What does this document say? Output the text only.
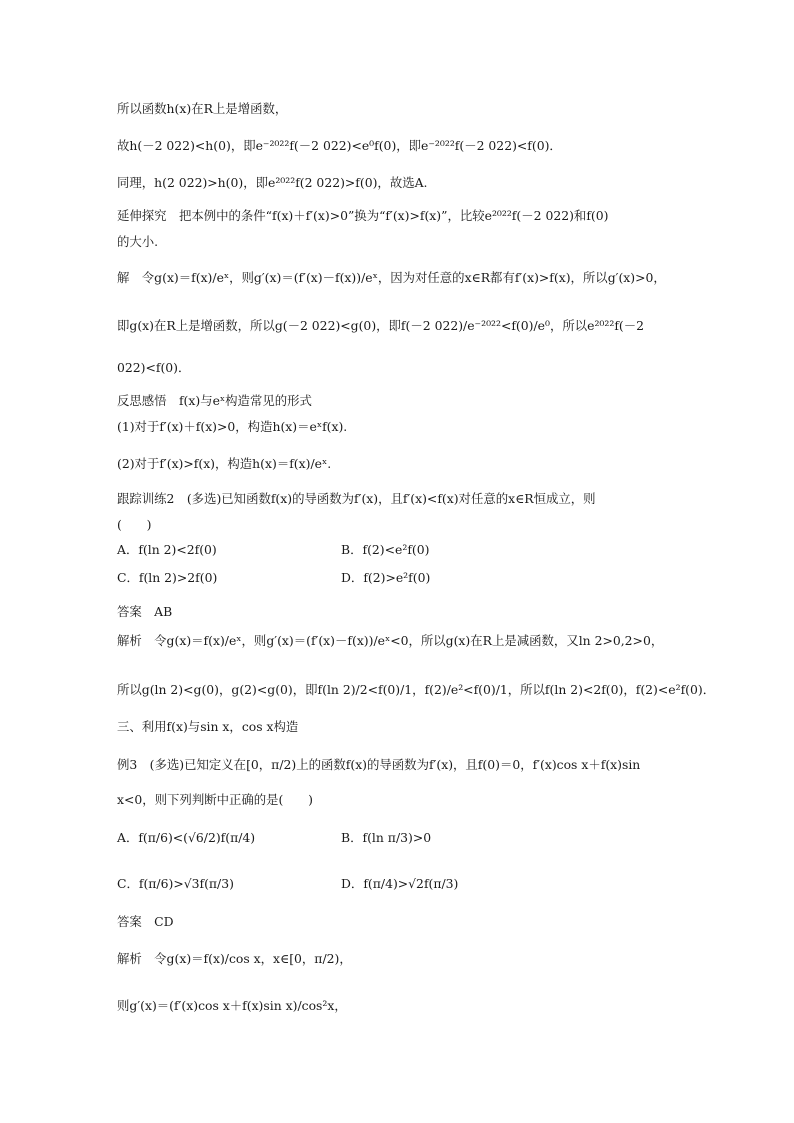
所以函数h(x)在R上是增函数，
故h(－2 022)<h(0)，即e⁻²⁰²²f(－2 022)<e⁰f(0)，即e⁻²⁰²²f(－2 022)<f(0)．
同理，h(2 022)>h(0)，即e²⁰²²f(2 022)>f(0)，故选A.
延伸探究　把本例中的条件“f(x)＋f′(x)>0”换为“f′(x)>f(x)”，比较e²⁰²²f(－2 022)和f(0)
的大小.
解　令g(x)＝f(x)/eˣ，则g′(x)＝(f′(x)－f(x))/eˣ，因为对任意的x∈R都有f′(x)>f(x)，所以g′(x)>0，
即g(x)在R上是增函数，所以g(－2 022)<g(0)，即f(－2 022)/e⁻²⁰²²<f(0)/e⁰，所以e²⁰²²f(－2
022)<f(0)．
反思感悟　f(x)与eˣ构造常见的形式
(1)对于f′(x)＋f(x)>0，构造h(x)＝eˣf(x).
(2)对于f′(x)>f(x)，构造h(x)＝f(x)/eˣ.
跟踪训练2　(多选)已知函数f(x)的导函数为f′(x)，且f′(x)<f(x)对任意的x∈R恒成立，则
(　　)
答案　AB
解析　令g(x)＝f(x)/eˣ，则g′(x)＝(f′(x)－f(x))/eˣ<0，所以g(x)在R上是减函数，又ln 2>0,2>0，
所以g(ln 2)<g(0)，g(2)<g(0)，即f(ln 2)/2<f(0)/1，f(2)/e²<f(0)/1，所以f(ln 2)<2f(0)，f(2)<e²f(0)．
三、利用f(x)与sin x，cos x构造
例3　(多选)已知定义在[0，π/2)上的函数f(x)的导函数为f′(x)，且f(0)＝0，f′(x)cos x＋f(x)sin
x<0，则下列判断中正确的是(　　)
答案　CD
解析　令g(x)＝f(x)/cos x，x∈[0，π/2)，
则g′(x)＝(f′(x)cos x＋f(x)sin x)/cos²x，
A．f(ln 2)<2f(0)	B．f(2)<e²f(0)
C．f(ln 2)>2f(0)	D．f(2)>e²f(0)
A．f(π/6)<(√6/2)f(π/4)	B．f(ln π/3)>0
C．f(π/6)>√3f(π/3)	D．f(π/4)>√2f(π/3)
